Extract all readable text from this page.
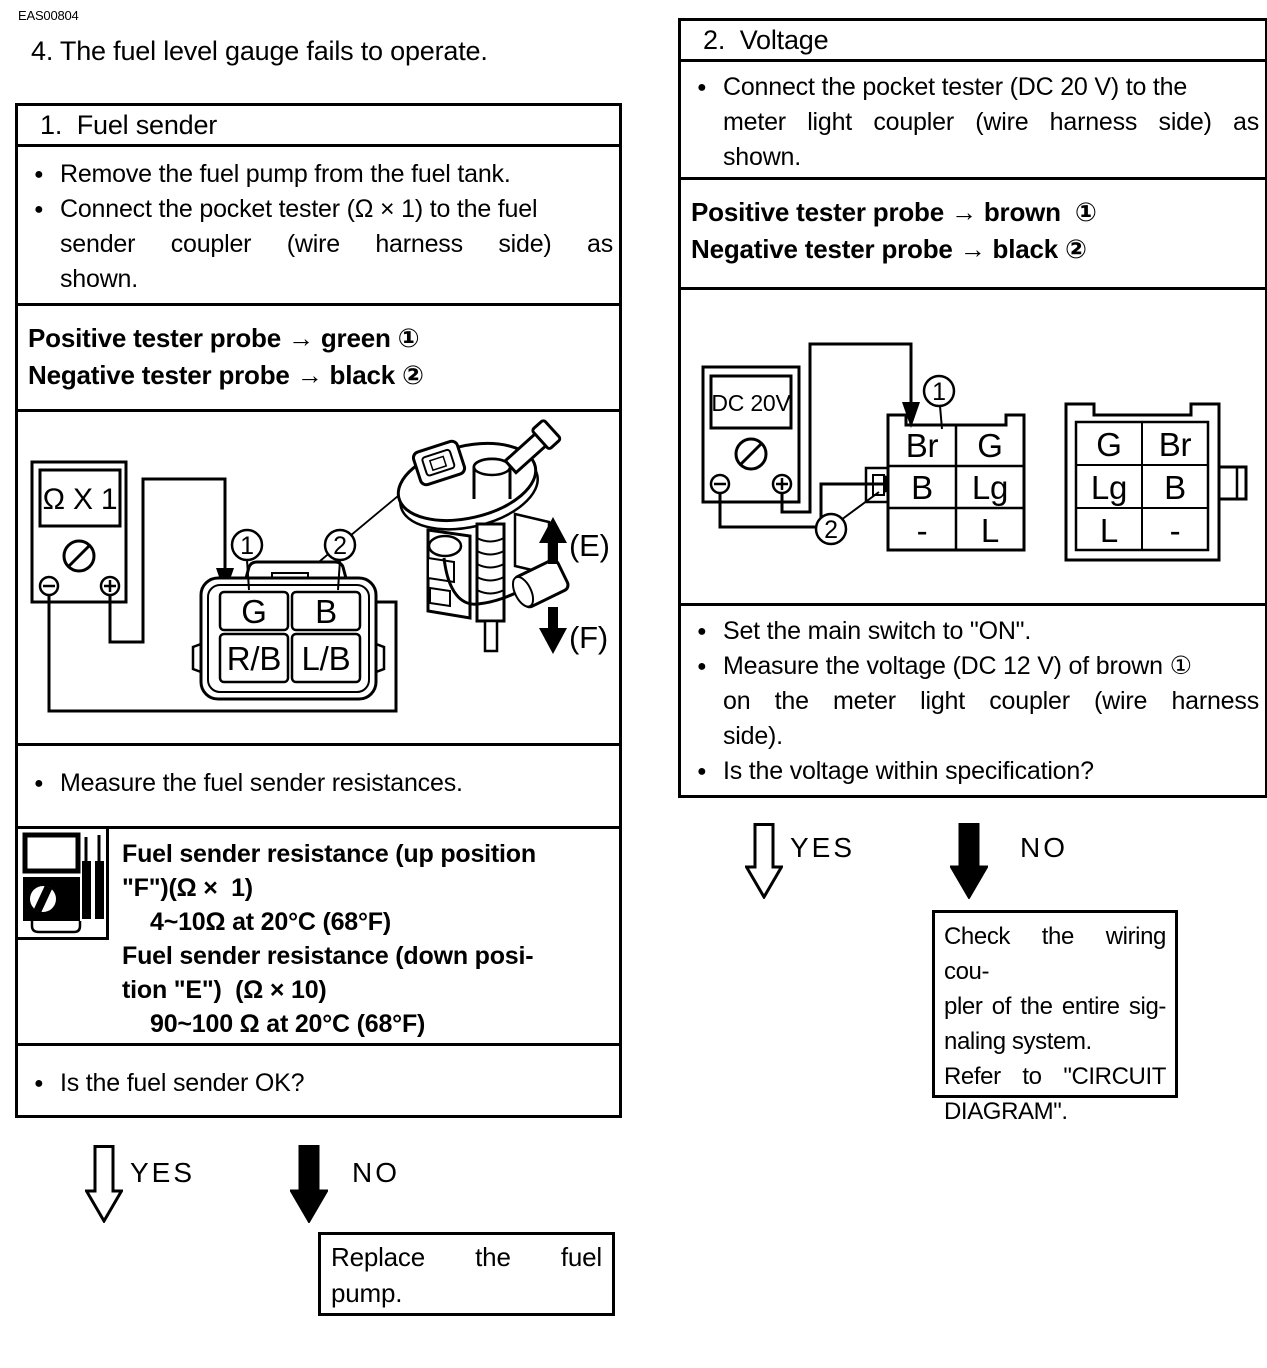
EAS00804
4. The fuel level gauge fails to operate.
1.  Fuel sender
● Remove the fuel pump from the fuel tank.
● Connect the pocket tester (Ω × 1) to the fuel
sender coupler (wire harness side) as
shown.
Positive tester probe → green ①
Negative tester probe → black ②
Ω X 1
(E)
(F)
G B
R/B L/B
1	2
● Measure the fuel sender resistances.
Fuel sender resistance (up position
"F")(Ω ×  1)
4~10Ω at 20°C (68°F)
Fuel sender resistance (down posi-
tion "E")  (Ω × 10)
90~100 Ω at 20°C (68°F)
● Is the fuel sender OK?
YES	NO
Replace the fuel
pump.
2.  Voltage
● Connect the pocket tester (DC 20 V) to the
meter light coupler (wire harness side) as
shown.
Positive tester probe → brown  ①
Negative tester probe → black ②
DC 20V
Br G
B Lg
- L
1
2
G Br
Lg B
L -
● Set the main switch to "ON".
● Measure the voltage (DC 12 V) of brown ①
on the meter light coupler (wire harness
side).
● Is the voltage within specification?
YES	NO
Check the wiring cou-
pler of the entire sig-
naling system.
Refer to "CIRCUIT
DIAGRAM".
